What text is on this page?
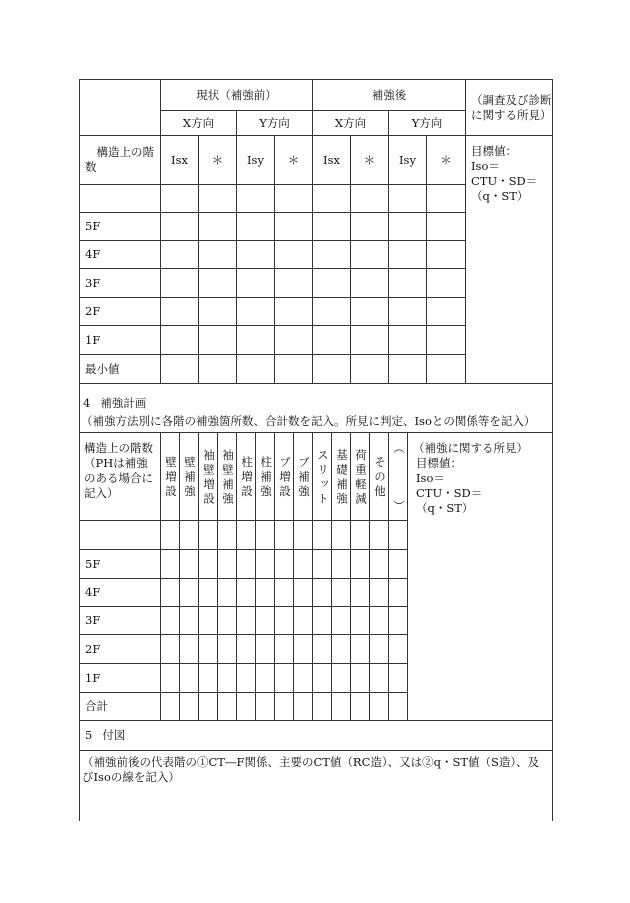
	現状（補強前）				補強後				（調査及び診断に関する所見）
	X方向		Y方向		X方向		Y方向		
構造上の階数	Isx	＊	Isy	＊	Isx	＊	Isy	＊	目標値：
Iso＝
CTU・SD＝
（q・ST）

5F									
4F									
3F									
2F									
1F									
最小値									
4 補強計画
（補強方法別に各階の補強箇所数、合計数を記入。所見に判定、Isoとの関係等を記入）														

構造上の階数（PHは補強のある場合に記入）	壁増設	壁補強	袖壁増設	袖壁補強	柱増設	柱補強	ブ増設	ブ補強	スリット	基礎補強	荷重軽減	その他	（　　　）	（補強に関する所見）
目標値：
Iso＝
CTU・SD＝
（q・ST）

5F														
4F														
3F														
2F														
1F														
合計														
5 付図
（補強前後の代表階の①CT―F関係、主要のCT値（RC造）、又は②q・ST値（S造）、及びIsoの線を記入）
